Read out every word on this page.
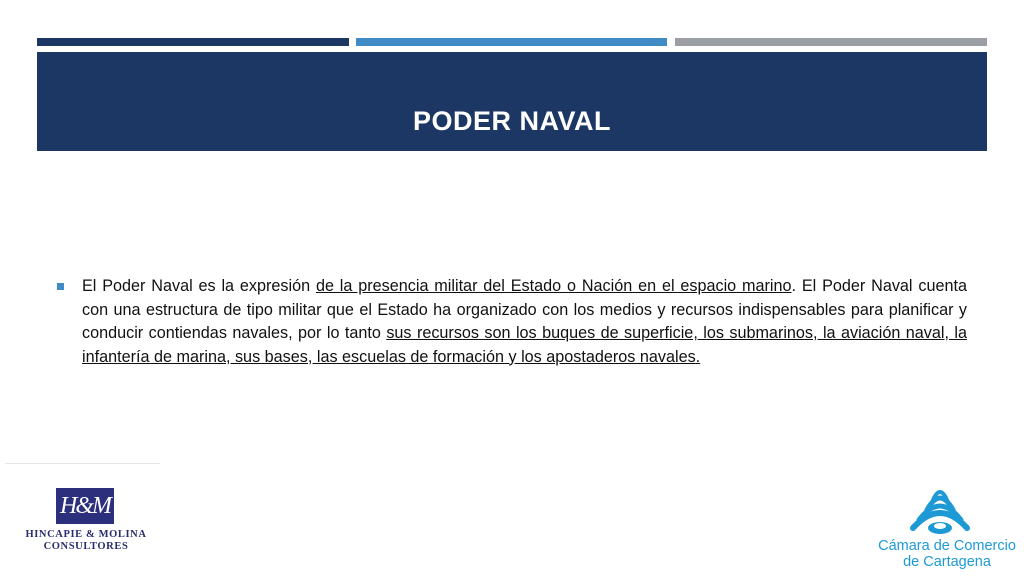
PODER NAVAL

El Poder Naval es la expresión de la presencia militar del Estado o Nación en el espacio marino. El Poder Naval cuenta con una estructura de tipo militar que el Estado ha organizado con los medios y recursos indispensables para planificar y conducir contiendas navales, por lo tanto sus recursos son los buques de superficie, los submarinos, la aviación naval, la infantería de marina, sus bases, las escuelas de formación y los apostaderos navales.

H&M
HINCAPIE & MOLINA
CONSULTORES	Cámara de Comercio
de Cartagena
